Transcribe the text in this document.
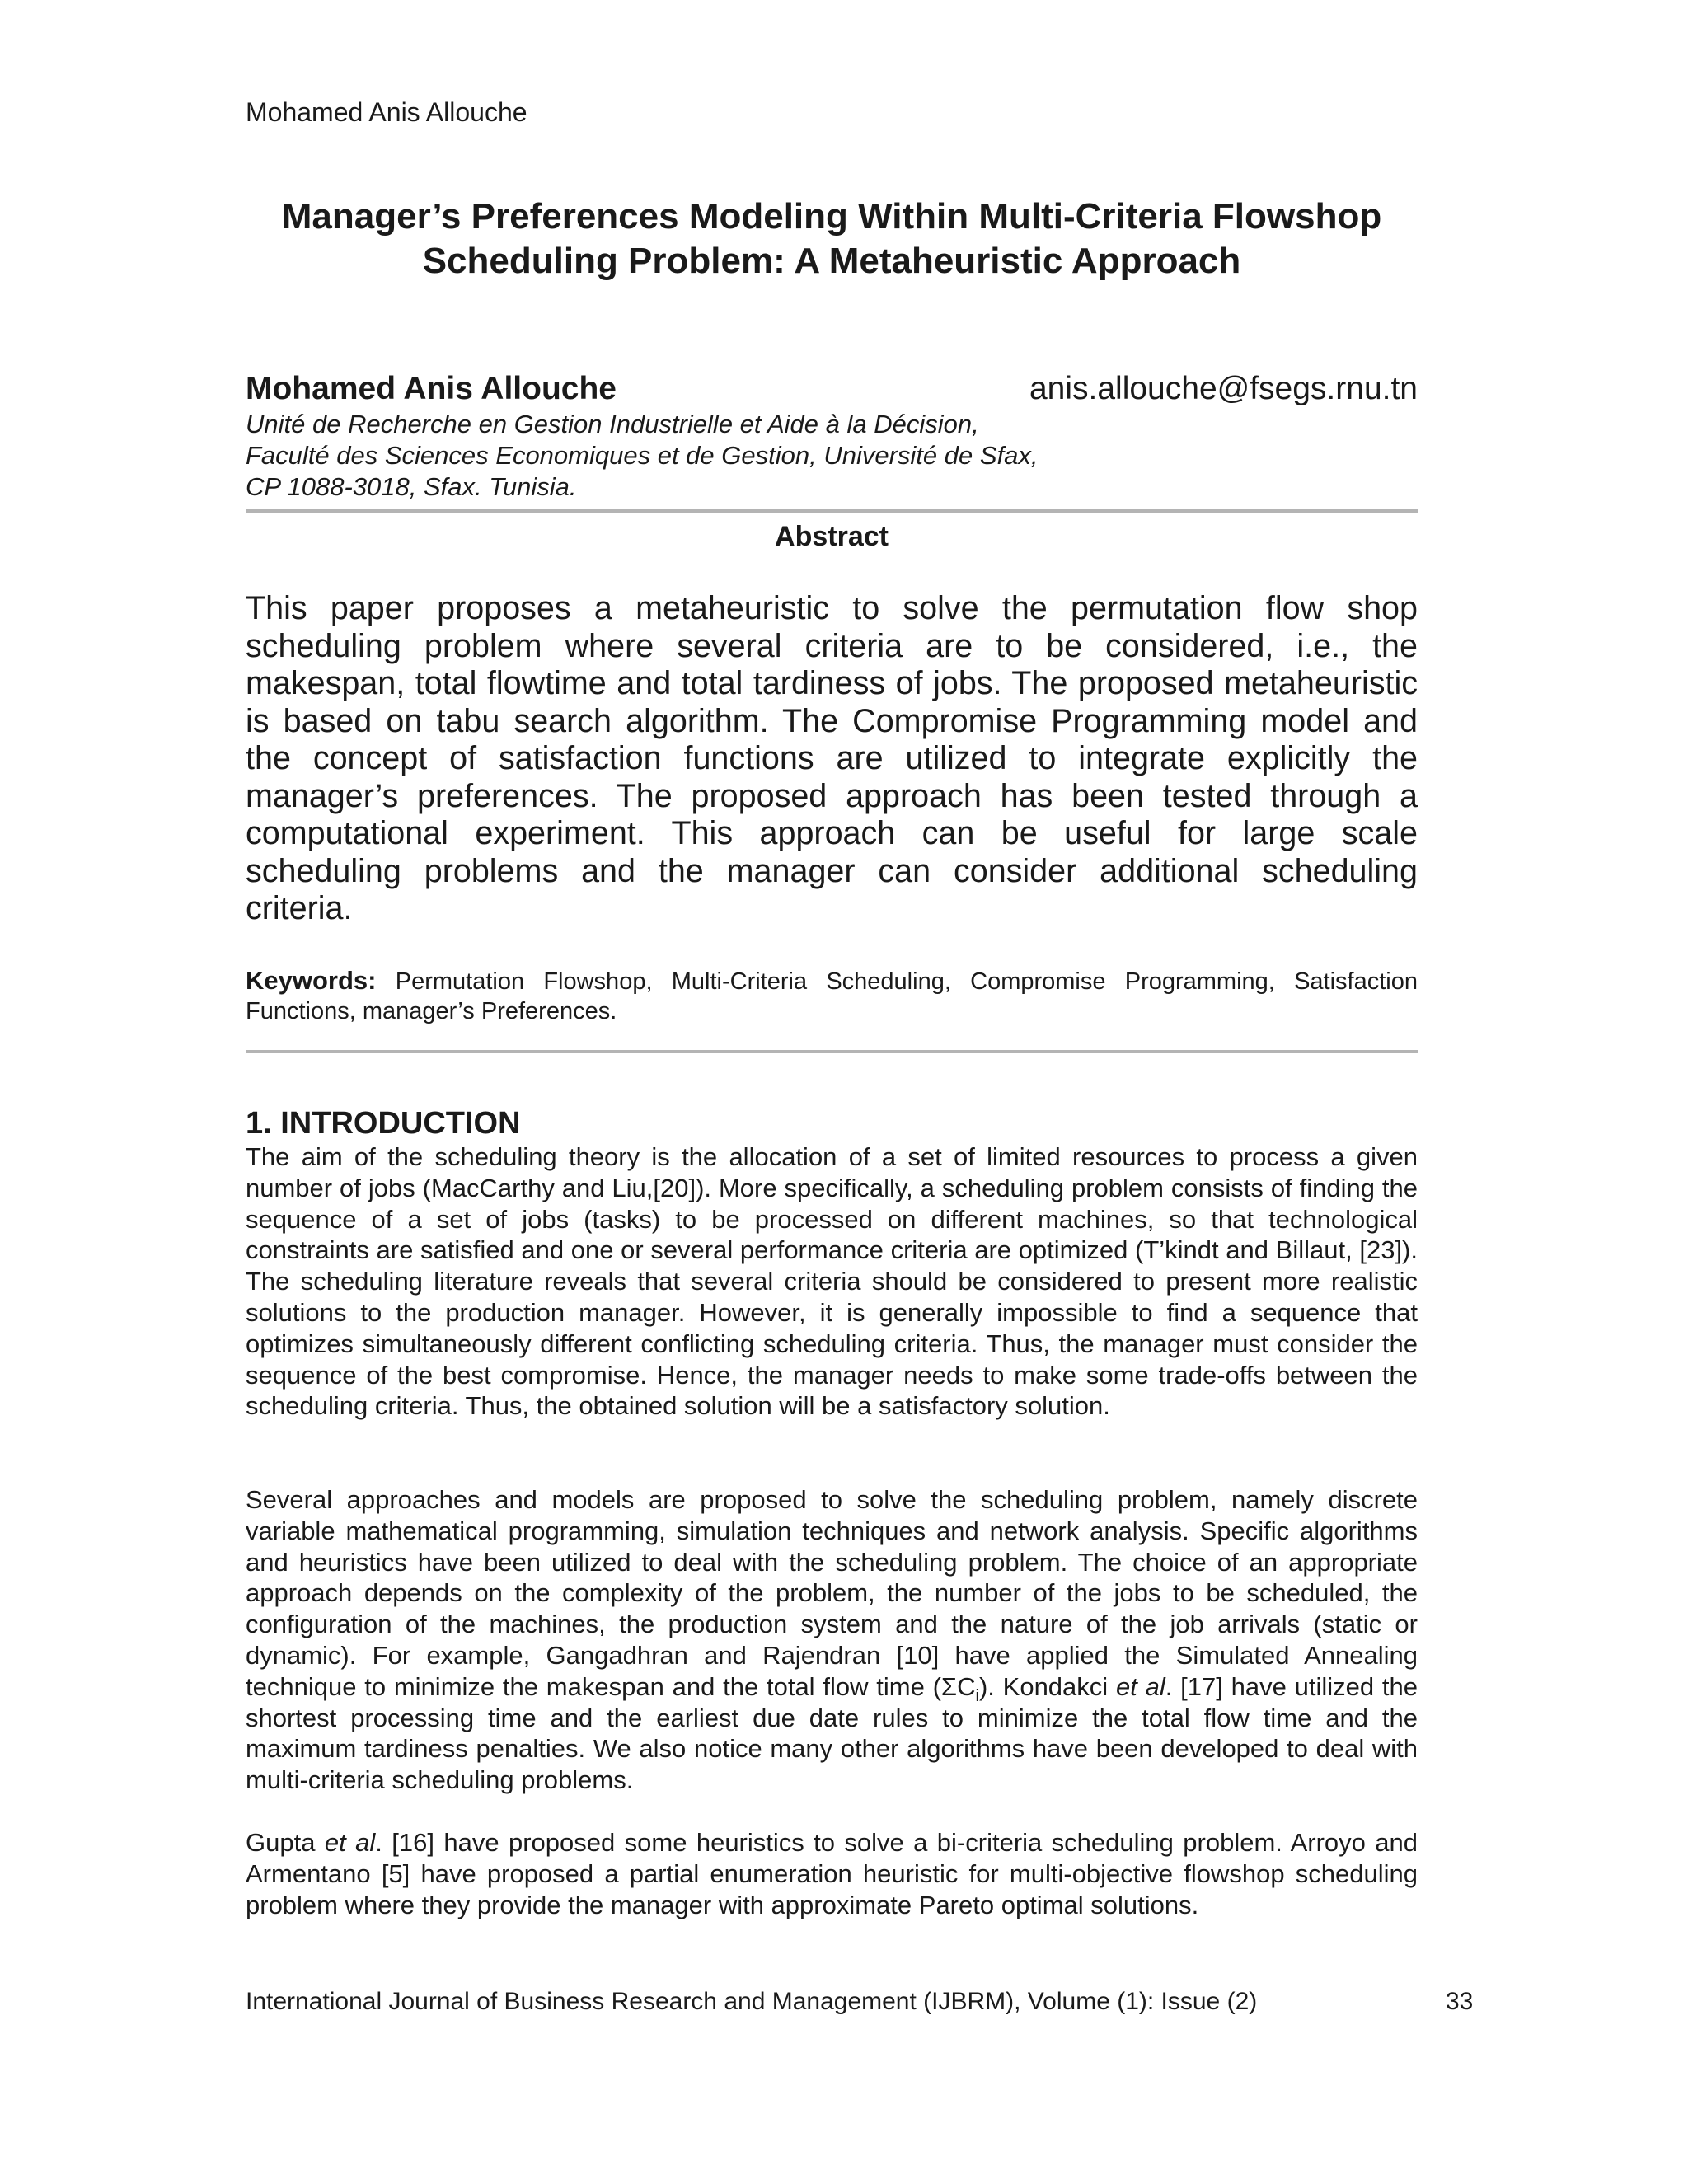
Mohamed Anis Allouche
Manager’s Preferences Modeling Within Multi-Criteria Flowshop
Scheduling Problem: A Metaheuristic Approach
Mohamed Anis Allouche	anis.allouche@fsegs.rnu.tn
Unité de Recherche en Gestion Industrielle et Aide à la Décision,
Faculté des Sciences Economiques et de Gestion, Université de Sfax,
CP 1088-3018, Sfax. Tunisia.
Abstract
This paper proposes a metaheuristic to solve the permutation flow shop scheduling problem where several criteria are to be considered, i.e., the makespan, total flowtime and total tardiness of jobs. The proposed metaheuristic is based on tabu search algorithm. The Compromise Programming model and the concept of satisfaction functions are utilized to integrate explicitly the manager’s preferences. The proposed approach has been tested through a computational experiment. This approach can be useful for large scale scheduling problems and the manager can consider additional scheduling criteria.
Keywords: Permutation Flowshop, Multi-Criteria Scheduling, Compromise Programming, Satisfaction Functions, manager’s Preferences.
1. INTRODUCTION
The aim of the scheduling theory is the allocation of a set of limited resources to process a given number of jobs (MacCarthy and Liu,[20]). More specifically, a scheduling problem consists of finding the sequence of a set of jobs (tasks) to be processed on different machines, so that technological constraints are satisfied and one or several performance criteria are optimized (T’kindt and Billaut, [23]). The scheduling literature reveals that several criteria should be considered to present more realistic solutions to the production manager. However, it is generally impossible to find a sequence that optimizes simultaneously different conflicting scheduling criteria. Thus, the manager must consider the sequence of the best compromise. Hence, the manager needs to make some trade-offs between the scheduling criteria. Thus, the obtained solution will be a satisfactory solution.
Several approaches and models are proposed to solve the scheduling problem, namely discrete variable mathematical programming, simulation techniques and network analysis. Specific algorithms and heuristics have been utilized to deal with the scheduling problem. The choice of an appropriate approach depends on the complexity of the problem, the number of the jobs to be scheduled, the configuration of the machines, the production system and the nature of the job arrivals (static or dynamic). For example, Gangadhran and Rajendran [10] have applied the Simulated Annealing technique to minimize the makespan and the total flow time $(\Sigma C_i)$. Kondakci et al. [17] have utilized the shortest processing time and the earliest due date rules to minimize the total flow time and the maximum tardiness penalties. We also notice many other algorithms have been developed to deal with multi-criteria scheduling problems.
Gupta et al. [16] have proposed some heuristics to solve a bi-criteria scheduling problem. Arroyo and Armentano [5] have proposed a partial enumeration heuristic for multi-objective flowshop scheduling problem where they provide the manager with approximate Pareto optimal solutions.
International Journal of Business Research and Management (IJBRM), Volume (1): Issue (2)	33
